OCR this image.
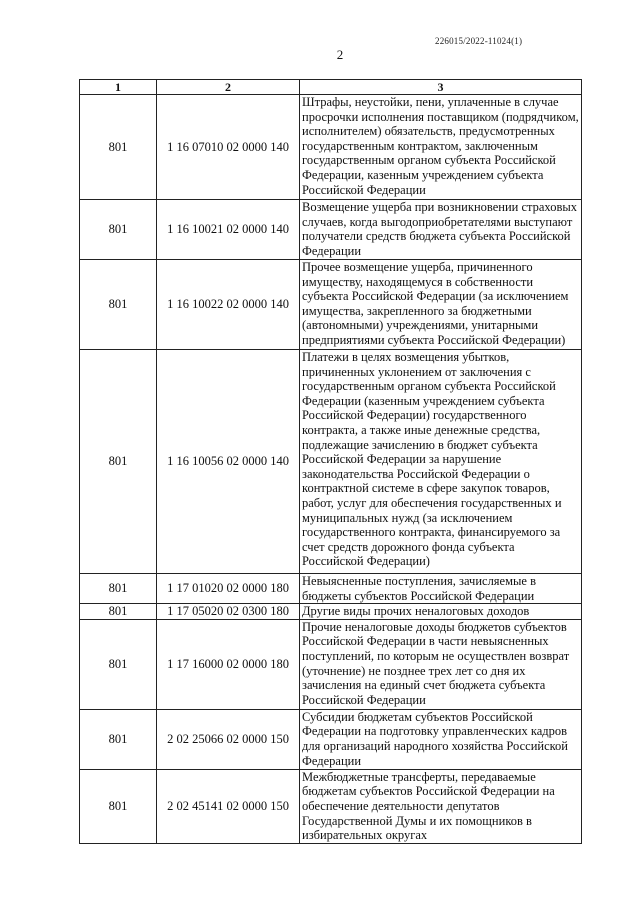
226015/2022-11024(1)
2
1	2	3
801	1 16 07010 02 0000 140	Штрафы, неустойки, пени, уплаченные в случае просрочки исполнения поставщиком (подрядчиком, исполнителем) обязательств, предусмотренных государственным контрактом, заключенным государственным органом субъекта Российской Федерации, казенным учреждением субъекта Российской Федерации
801	1 16 10021 02 0000 140	Возмещение ущерба при возникновении страховых случаев, когда выгодоприобретателями выступают получатели средств бюджета субъекта Российской Федерации
801	1 16 10022 02 0000 140	Прочее возмещение ущерба, причиненного имуществу, находящемуся в собственности субъекта Российской Федерации (за исключением имущества, закрепленного за бюджетными (автономными) учреждениями, унитарными предприятиями субъекта Российской Федерации)
801	1 16 10056 02 0000 140	Платежи в целях возмещения убытков, причиненных уклонением от заключения с государственным органом субъекта Российской Федерации (казенным учреждением субъекта Российской Федерации) государственного контракта, а также иные денежные средства, подлежащие зачислению в бюджет субъекта Российской Федерации за нарушение законодательства Российской Федерации о контрактной системе в сфере закупок товаров, работ, услуг для обеспечения государственных и муниципальных нужд (за исключением государственного контракта, финансируемого за счет средств дорожного фонда субъекта Российской Федерации)
801	1 17 01020 02 0000 180	Невыясненные поступления, зачисляемые в бюджеты субъектов Российской Федерации
801	1 17 05020 02 0300 180	Другие виды прочих неналоговых доходов
801	1 17 16000 02 0000 180	Прочие неналоговые доходы бюджетов субъектов Российской Федерации в части невыясненных поступлений, по которым не осуществлен возврат (уточнение) не позднее трех лет со дня их зачисления на единый счет бюджета субъекта Российской Федерации
801	2 02 25066 02 0000 150	Субсидии бюджетам субъектов Российской Федерации на подготовку управленческих кадров для организаций народного хозяйства Российской Федерации
801	2 02 45141 02 0000 150	Межбюджетные трансферты, передаваемые бюджетам субъектов Российской Федерации на обеспечение деятельности депутатов Государственной Думы и их помощников в избирательных округах
